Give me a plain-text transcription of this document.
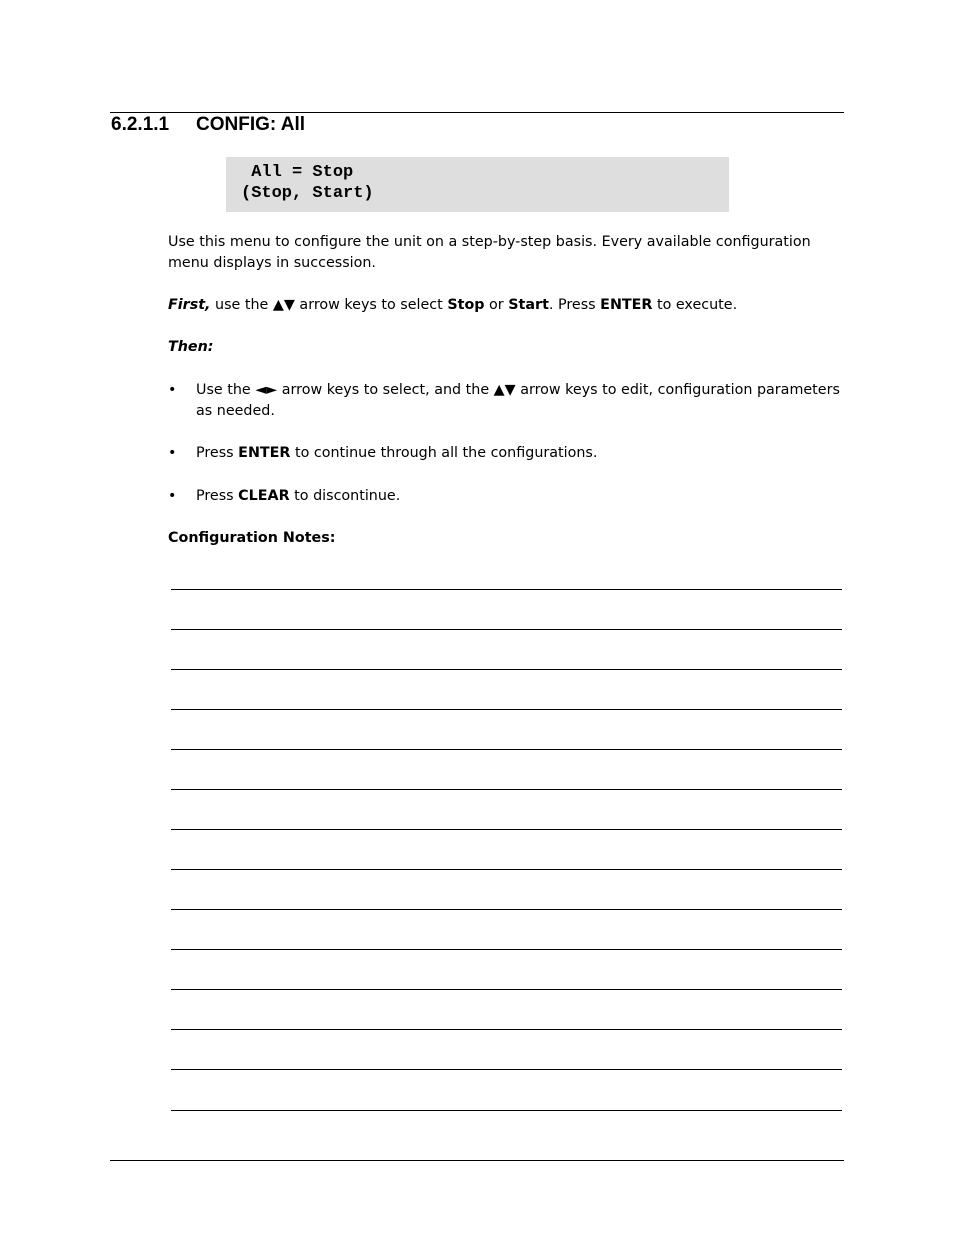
6.2.1.1 CONFIG: All
All = Stop
(Stop, Start)
Use this menu to configure the unit on a step-by-step basis. Every available configuration menu displays in succession.
First, use the ▲▼ arrow keys to select Stop or Start. Press ENTER to execute.
Then:
• Use the ◄► arrow keys to select, and the ▲▼ arrow keys to edit, configuration parameters as needed.
• Press ENTER to continue through all the configurations.
• Press CLEAR to discontinue.
Configuration Notes:
